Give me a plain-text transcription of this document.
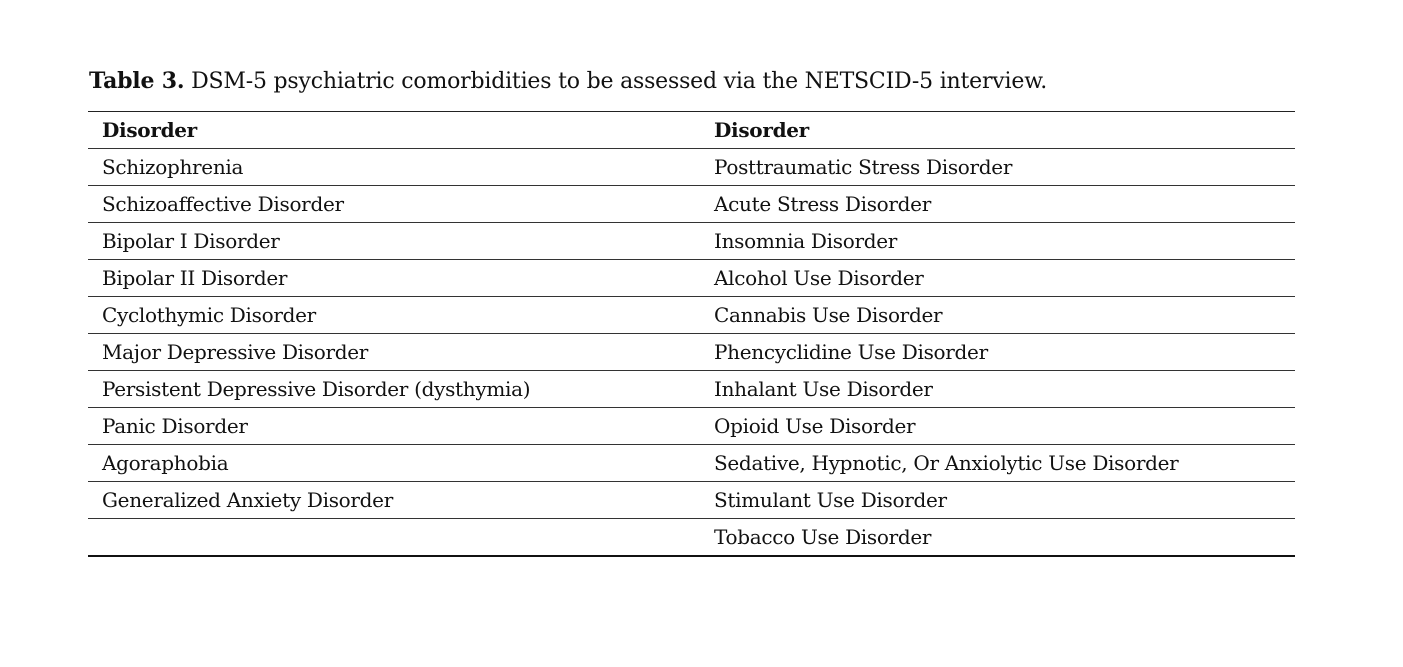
Table 3. DSM-5 psychiatric comorbidities to be assessed via the NETSCID-5 interview.
Disorder	Disorder
Schizophrenia	Posttraumatic Stress Disorder
Schizoaffective Disorder	Acute Stress Disorder
Bipolar I Disorder	Insomnia Disorder
Bipolar II Disorder	Alcohol Use Disorder
Cyclothymic Disorder	Cannabis Use Disorder
Major Depressive Disorder	Phencyclidine Use Disorder
Persistent Depressive Disorder (dysthymia)	Inhalant Use Disorder
Panic Disorder	Opioid Use Disorder
Agoraphobia	Sedative, Hypnotic, Or Anxiolytic Use Disorder
Generalized Anxiety Disorder	Stimulant Use Disorder
	Tobacco Use Disorder
